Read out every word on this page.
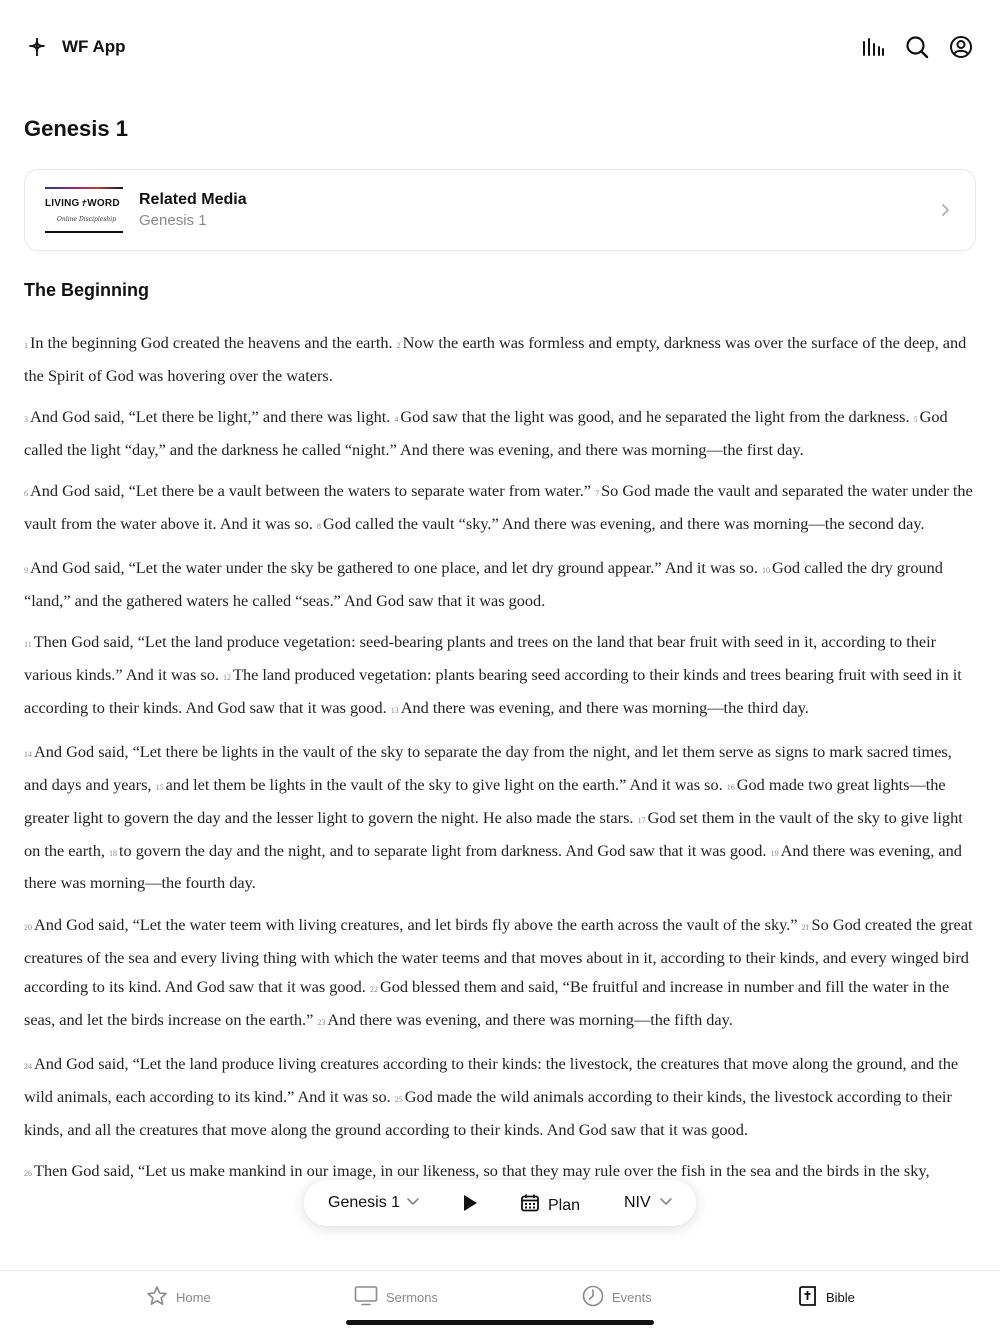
WF App
Genesis 1
LIVING✝WORD
Online Discipleship
Related Media
Genesis 1
The Beginning

1 In the beginning God created the heavens and the earth. 2 Now the earth was formless and empty, darkness was over the surface of the deep, and the Spirit of God was hovering over the waters.

3 And God said, “Let there be light,” and there was light. 4 God saw that the light was good, and he separated the light from the darkness. 5 God called the light “day,” and the darkness he called “night.” And there was evening, and there was morning—the first day.

6 And God said, “Let there be a vault between the waters to separate water from water.” 7 So God made the vault and separated the water under the vault from the water above it. And it was so. 8 God called the vault “sky.” And there was evening, and there was morning—the second day.

9 And God said, “Let the water under the sky be gathered to one place, and let dry ground appear.” And it was so. 10 God called the dry ground “land,” and the gathered waters he called “seas.” And God saw that it was good.

11 Then God said, “Let the land produce vegetation: seed-bearing plants and trees on the land that bear fruit with seed in it, according to their various kinds.” And it was so. 12 The land produced vegetation: plants bearing seed according to their kinds and trees bearing fruit with seed in it according to their kinds. And God saw that it was good. 13 And there was evening, and there was morning—the third day.

14 And God said, “Let there be lights in the vault of the sky to separate the day from the night, and let them serve as signs to mark sacred times, and days and years, 15 and let them be lights in the vault of the sky to give light on the earth.” And it was so. 16 God made two great lights—the greater light to govern the day and the lesser light to govern the night. He also made the stars. 17 God set them in the vault of the sky to give light on the earth, 18 to govern the day and the night, and to separate light from darkness. And God saw that it was good. 19 And there was evening, and there was morning—the fourth day.

20 And God said, “Let the water teem with living creatures, and let birds fly above the earth across the vault of the sky.” 21 So God created the great creatures of the sea and every living thing with which the water teems and that moves about in it, according to their kinds, and every winged bird according to its kind. And God saw that it was good. 22 God blessed them and said, “Be fruitful and increase in number and fill the water in the seas, and let the birds increase on the earth.” 23 And there was evening, and there was morning—the fifth day.

24 And God said, “Let the land produce living creatures according to their kinds: the livestock, the creatures that move along the ground, and the wild animals, each according to its kind.” And it was so. 25 God made the wild animals according to their kinds, the livestock according to their kinds, and all the creatures that move along the ground according to their kinds. And God saw that it was good.

26 Then God said, “Let us make mankind in our image, in our likeness, so that they may rule over the fish in the sea and the birds in the sky,

Genesis 1	Plan	NIV
Home	Sermons	Events	Bible
